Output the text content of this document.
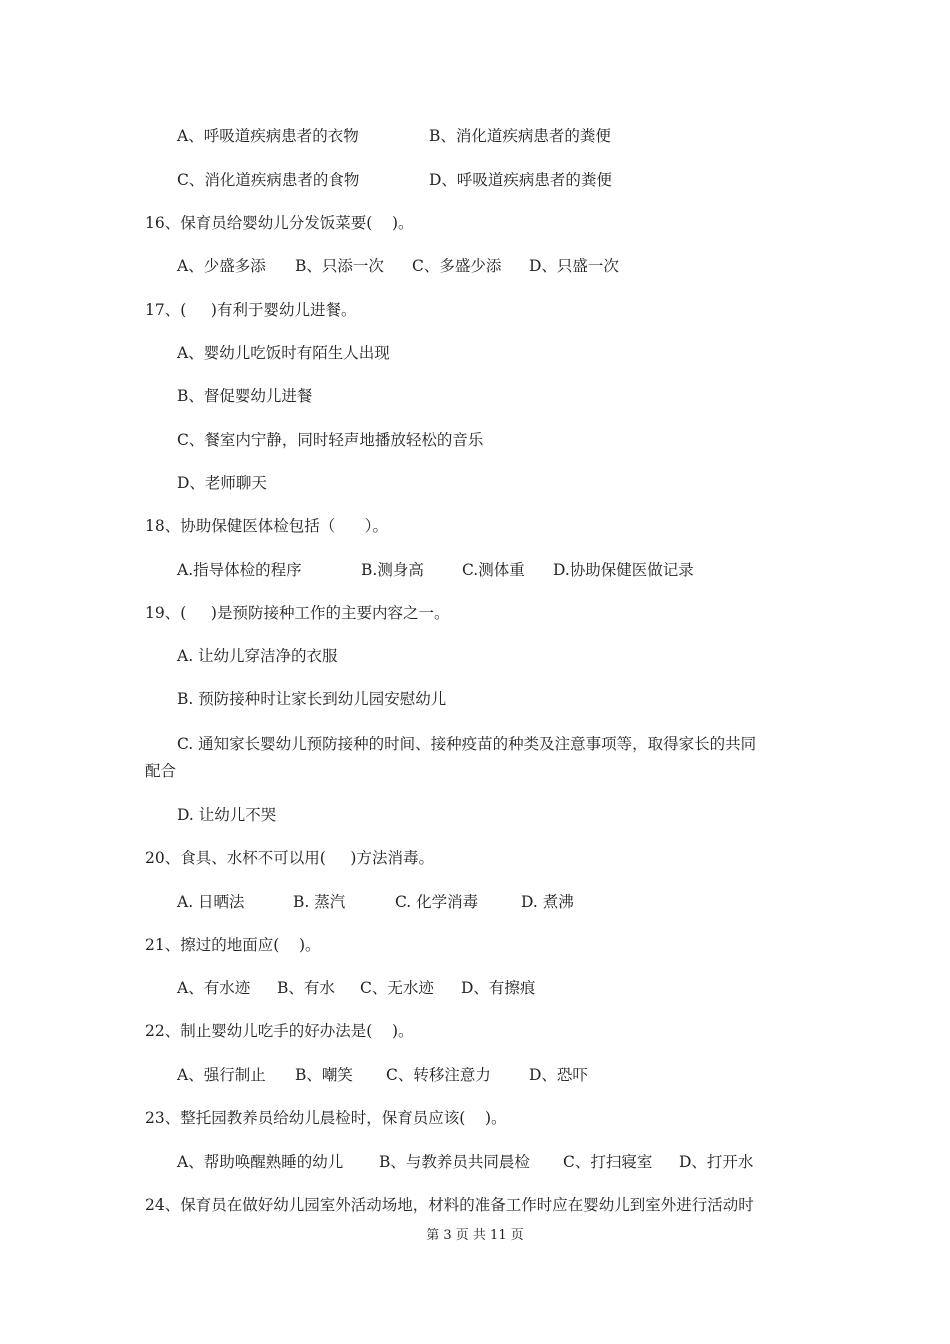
A、呼吸道疾病患者的衣物

	B、消化道疾病患者的粪便

C、消化道疾病患者的食物

	D、呼吸道疾病患者的粪便

16、保育员给婴幼儿分发饭菜要(    )。

A、少盛多添

B、只添一次

C、多盛少添

D、只盛一次

17、(     )有利于婴幼儿进餐。
A、婴幼儿吃饭时有陌生人出现
B、督促婴幼儿进餐
C、餐室内宁静，同时轻声地播放轻松的音乐
D、老师聊天
18、协助保健医体检包括（      ）。

A.指导体检的程序

	B.测身高

C.测体重

D.协助保健医做记录

19、(     )是预防接种工作的主要内容之一。
A. 让幼儿穿洁净的衣服
B. 预防接种时让家长到幼儿园安慰幼儿
C. 通知家长婴幼儿预防接种的时间、接种疫苗的种类及注意事项等，取得家长的共同
配合
D. 让幼儿不哭
20、食具、水杯不可以用(     )方法消毒。

A. 日晒法

	B. 蒸汽

	C. 化学消毒

	D. 煮沸

21、擦过的地面应(    )。

A、有水迹

B、有水

C、无水迹

D、有擦痕

22、制止婴幼儿吃手的好办法是(    )。

A、强行制止

B、嘲笑

C、转移注意力

D、恐吓

23、整托园教养员给幼儿晨检时，保育员应该(    )。

A、帮助唤醒熟睡的幼儿

B、与教养员共同晨检

C、打扫寝室

D、打开水

24、保育员在做好幼儿园室外活动场地，材料的准备工作时应在婴幼儿到室外进行活动时
第 3 页 共 11 页
